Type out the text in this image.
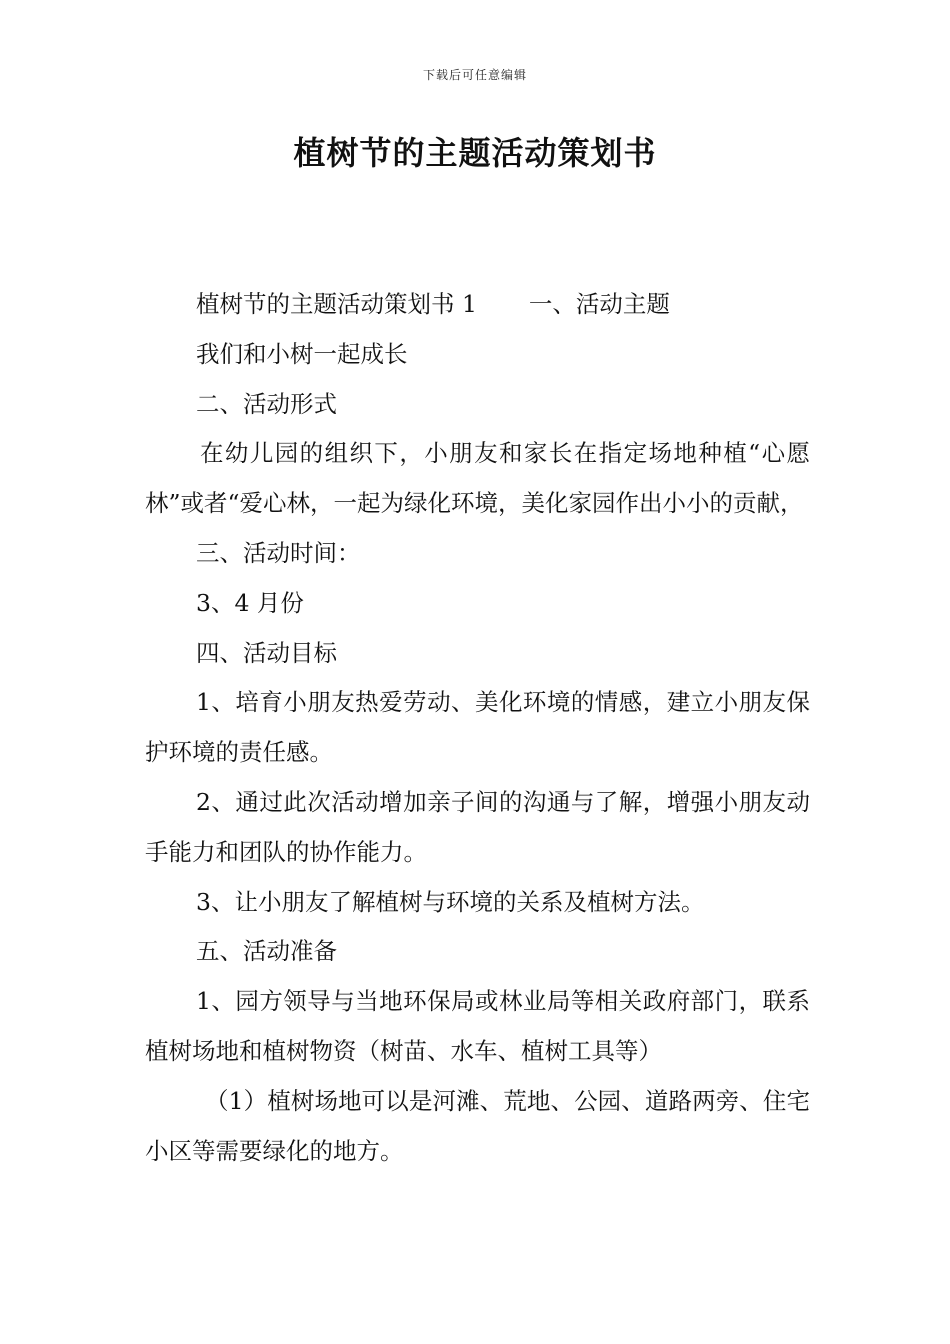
下载后可任意编辑
植树节的主题活动策划书

植树节的主题活动策划书 1 一、活动主题

我们和小树一起成长

二、活动形式

在幼儿园的组织下，小朋友和家长在指定场地种植“心愿林”或者“爱心林，一起为绿化环境，美化家园作出小小的贡献，

三、活动时间：

3、4 月份

四、活动目标

1、培育小朋友热爱劳动、美化环境的情感，建立小朋友保护环境的责任感。

2、通过此次活动增加亲子间的沟通与了解，增强小朋友动手能力和团队的协作能力。

3、让小朋友了解植树与环境的关系及植树方法。

五、活动准备

1、园方领导与当地环保局或林业局等相关政府部门，联系植树场地和植树物资（树苗、水车、植树工具等）

（1）植树场地可以是河滩、荒地、公园、道路两旁、住宅小区等需要绿化的地方。
